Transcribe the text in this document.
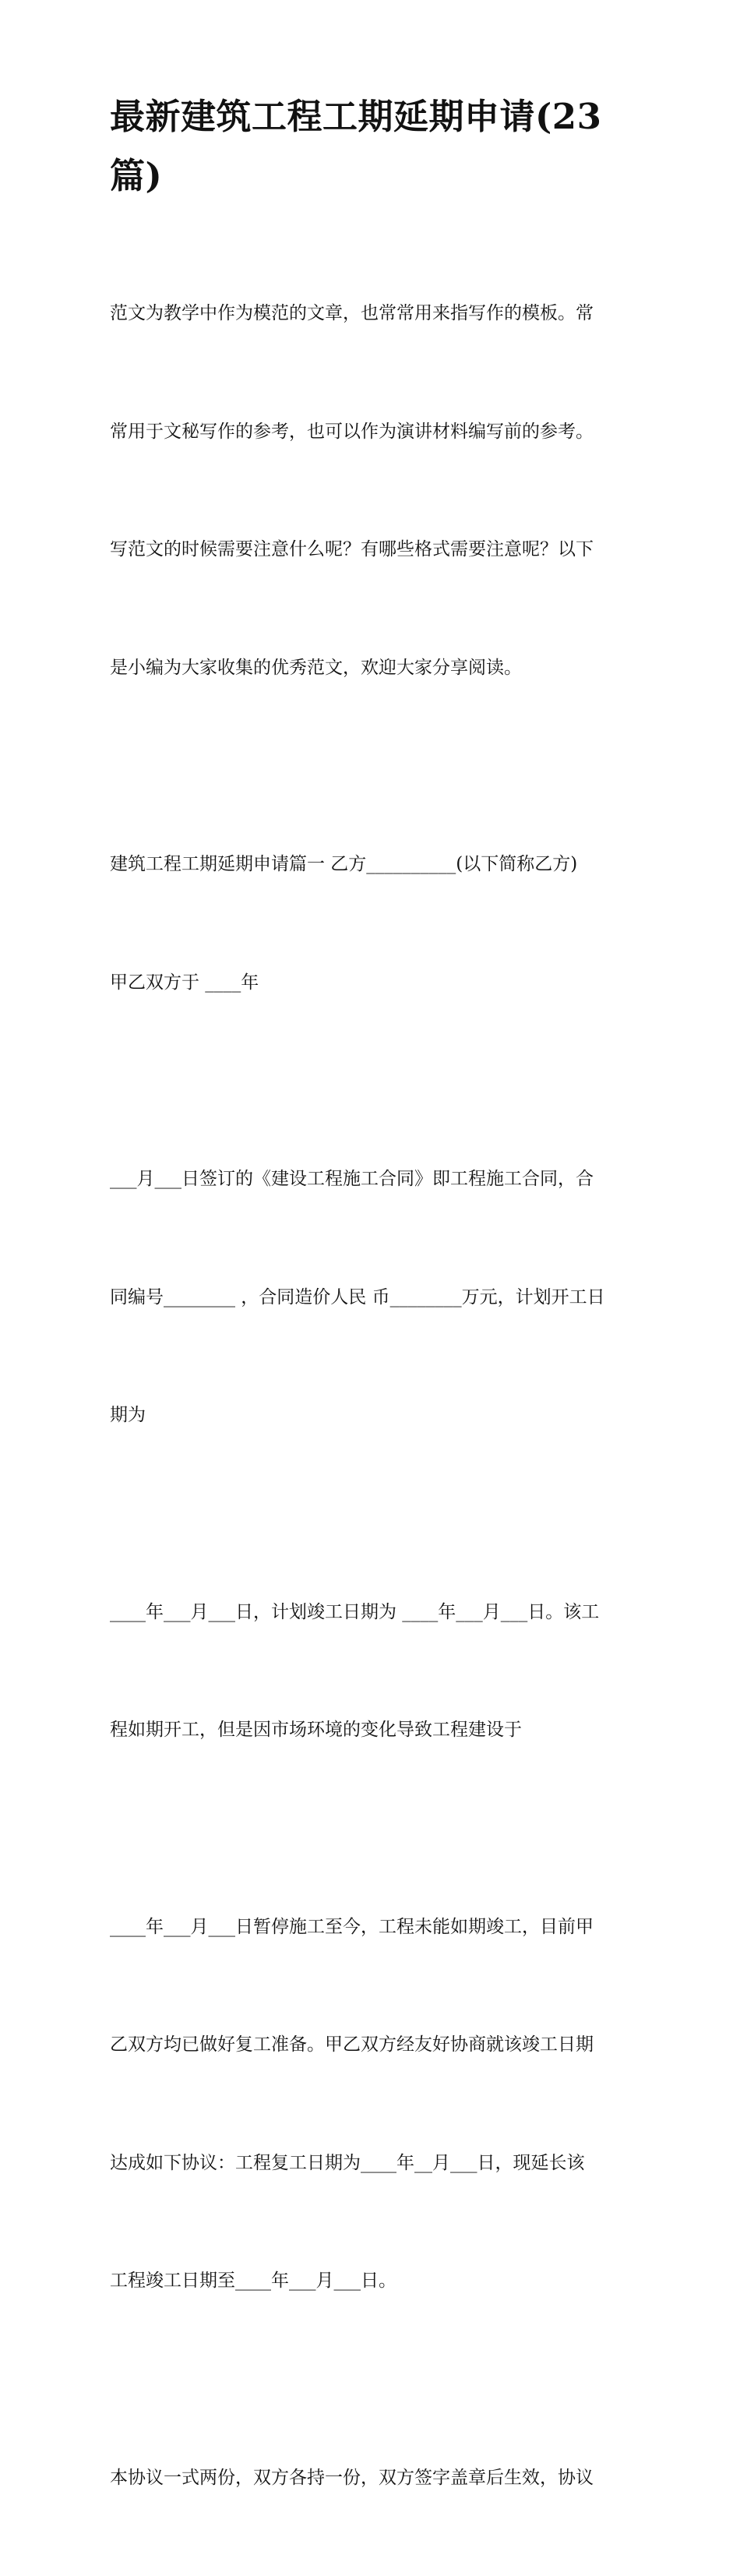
最新建筑工程工期延期申请(23
篇)

范文为教学中作为模范的文章，也常常用来指写作的模板。常

常用于文秘写作的参考，也可以作为演讲材料编写前的参考。

写范文的时候需要注意什么呢？有哪些格式需要注意呢？以下

是小编为大家收集的优秀范文，欢迎大家分享阅读。

建筑工程工期延期申请篇一 乙方__________(以下简称乙方)

甲乙双方于 ____年

___月___日签订的《建设工程施工合同》即工程施工合同，合

同编号________ ，合同造价人民 币________万元，计划开工日

期为

____年___月___日，计划竣工日期为 ____年___月___日。该工

程如期开工，但是因市场环境的变化导致工程建设于

____年___月___日暂停施工至今，工程未能如期竣工，目前甲

乙双方均已做好复工准备。甲乙双方经友好协商就该竣工日期

达成如下协议：工程复工日期为____年__月___日，现延长该

工程竣工日期至____年___月___日。

本协议一式两份，双方各持一份，双方签字盖章后生效，协议
